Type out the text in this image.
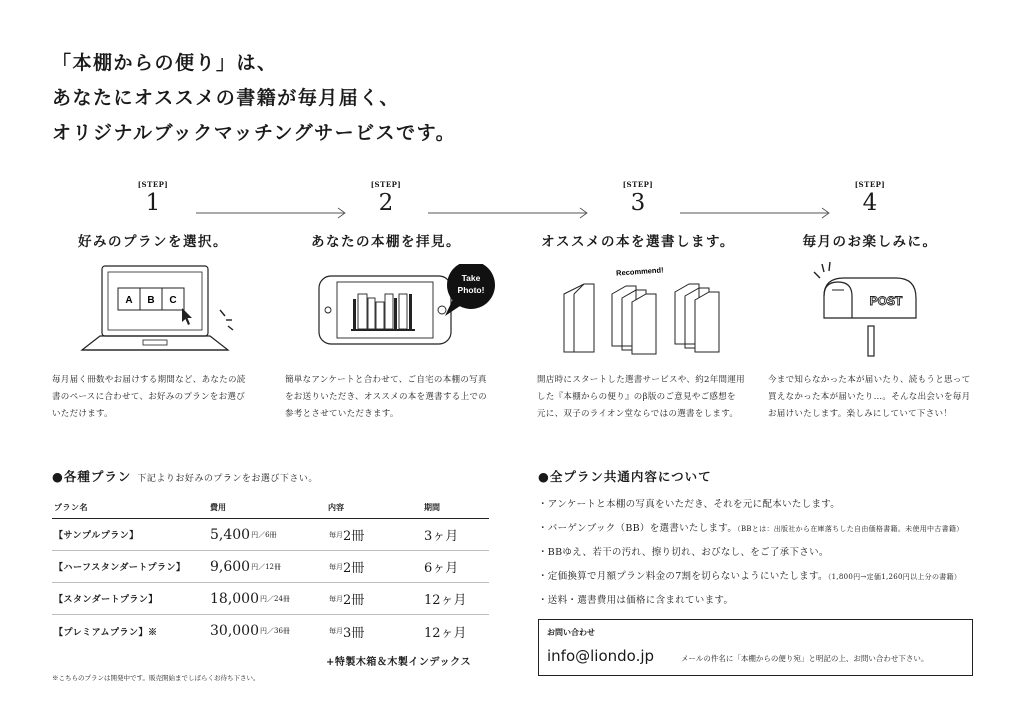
「本棚からの便り」は、
あなたにオススメの書籍が毎月届く、
オリジナルブックマッチングサービスです。
[STEP]
1
[STEP]
2
[STEP]
3
[STEP]
4
好みのプランを選択。	あなたの本棚を拝見。	オススメの本を選書します。	毎月のお楽しみに。
A B C
Take
Photo!
Recommend!
POST
毎月届く冊数やお届けする期間など、あなたの読
書のペースに合わせて、お好みのプランをお選び
いただけます。
簡単なアンケートと合わせて、ご自宅の本棚の写真
をお送りいただき、オススメの本を選書する上での
参考とさせていただきます。
開店時にスタートした選書サービスや、約2年間運用
した『本棚からの便り』のβ版のご意見やご感想を
元に、双子のライオン堂ならではの選書をします。
今まで知らなかった本が届いたり、読もうと思って
買えなかった本が届いたり…。そんな出会いを毎月
お届けいたします。楽しみにしていて下さい！
●各種プラン 下記よりお好みのプランをお選び下さい。
プラン名	費用	内容	期間
【サンプルプラン】	5,400 円／6冊	毎月 2冊	3ヶ月
【ハーフスタンダートプラン】 9,600 円／12冊	毎月 2冊	6ヶ月
【スタンダートプラン】	18,000 円／24冊	毎月 2冊	12ヶ月
【プレミアムプラン】※	30,000 円／36冊	毎月 3冊	12ヶ月
+特製木箱＆木製インデックス
※こちらのプランは開発中です。販売開始までしばらくお待ち下さい。
●全プラン共通内容について
・アンケートと本棚の写真をいただき、それを元に配本いたします。
・バーゲンブック（BB）を選書いたします。（BBとは：出版社から在庫落ちした自由価格書籍。未使用中古書籍）
・BBゆえ、若干の汚れ、擦り切れ、おびなし、をご了承下さい。
・定価換算で月額プラン料金の7割を切らないようにいたします。（1,800円→定価1,260円以上分の書籍）
・送料・選書費用は価格に含まれています。
お問い合わせ
info@liondo.jp	メールの件名に「本棚からの便り宛」と明記の上、お問い合わせ下さい。
